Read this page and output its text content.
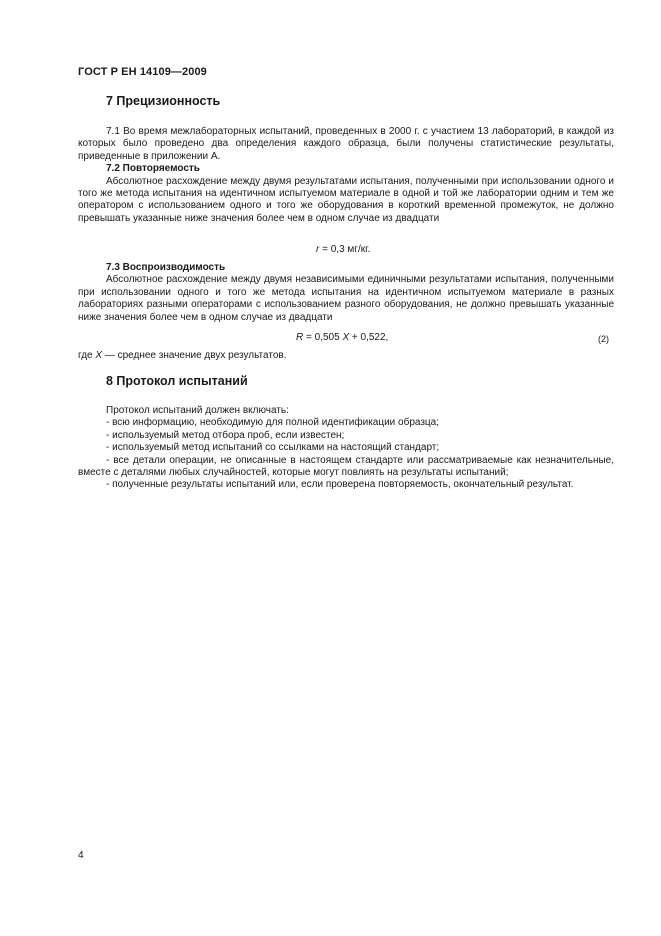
ГОСТ Р ЕН 14109—2009
7 Прецизионность

7.1 Во время межлабораторных испытаний, проведенных в 2000 г. с участием 13 лабораторий, в каждой из которых было проведено два определения каждого образца, были получены статистические результаты, приведенные в приложении А.

7.2 Повторяемость

Абсолютное расхождение между двумя результатами испытания, полученными при использовании одного и того же метода испытания на идентичном испытуемом материале в одной и той же лаборатории одним и тем же оператором с использованием одного и того же оборудования в короткий временной промежуток, не должно превышать указанные ниже значения более чем в одном случае из двадцати

r = 0,3 мг/кг.

7.3 Воспроизводимость

Абсолютное расхождение между двумя независимыми единичными результатами испытания, полученными при использовании одного и того же метода испытания на идентичном испытуемом материале в разных лабораториях разными операторами с использованием разного оборудования, не должно превышать указанные ниже значения более чем в одном случае из двадцати

R = 0,505 X + 0,522,	(2)
где X — среднее значение двух результатов.
8 Протокол испытаний

Протокол испытаний должен включать:

- всю информацию, необходимую для полной идентификации образца;
- используемый метод отбора проб, если известен;
- используемый метод испытаний со ссылками на настоящий стандарт;
- все детали операции, не описанные в настоящем стандарте или рассматриваемые как незначительные, вместе с деталями любых случайностей, которые могут повлиять на результаты испытаний;
- полученные результаты испытаний или, если проверена повторяемость, окончательный результат.
4
